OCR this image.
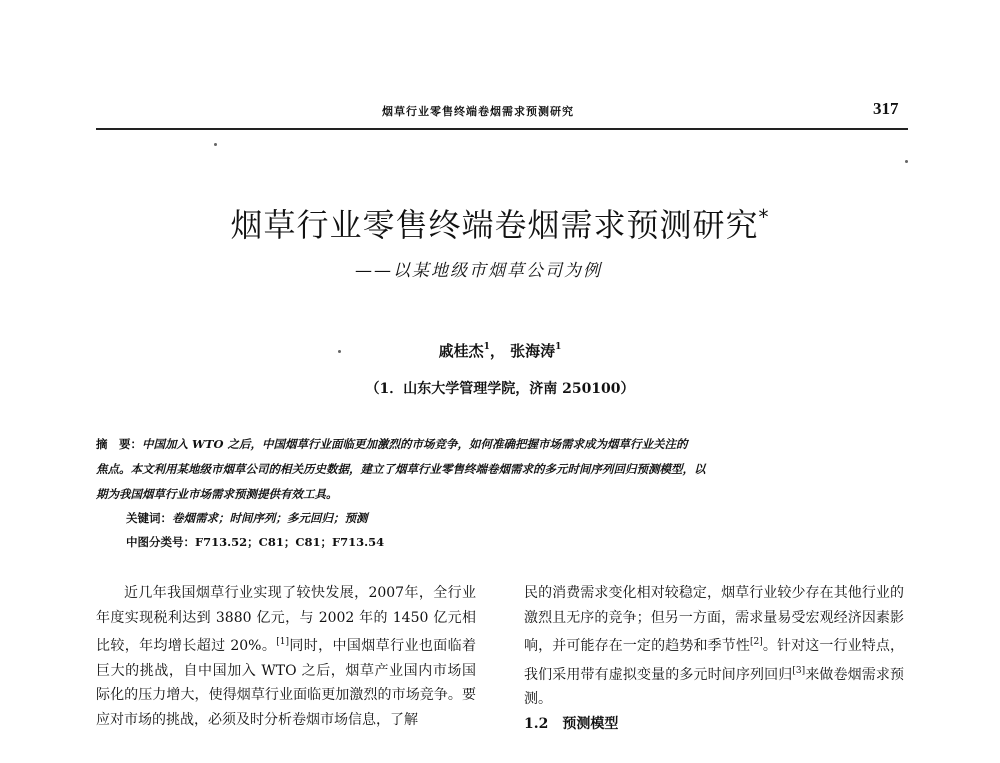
烟草行业零售终端卷烟需求预测研究	317
烟草行业零售终端卷烟需求预测研究*
——以某地级市烟草公司为例
戚桂杰$^1$， 张海涛$^1$
（1．山东大学管理学院，济南 250100）
摘　要：中国加入 WTO 之后，中国烟草行业面临更加激烈的市场竞争，如何准确把握市场需求成为烟草行业关注的
焦点。本文利用某地级市烟草公司的相关历史数据，建立了烟草行业零售终端卷烟需求的多元时间序列回归预测模型，以
期为我国烟草行业市场需求预测提供有效工具。
关键词：卷烟需求；时间序列；多元回归；预测
中图分类号：F713.52；C81；C81；F713.54

近几年我国烟草行业实现了较快发展，2007年，全行业年度实现税利达到 3880 亿元，与 2002 年的 1450 亿元相比较，年均增长超过 20%。[1]同时，中国烟草行业也面临着巨大的挑战，自中国加入 WTO 之后，烟草产业国内市场国际化的压力增大，使得烟草行业面临更加激烈的市场竞争。要应对市场的挑战，必须及时分析卷烟市场信息，了解

民的消费需求变化相对较稳定，烟草行业较少存在其他行业的激烈且无序的竞争；但另一方面，需求量易受宏观经济因素影响，并可能存在一定的趋势和季节性[2]。针对这一行业特点，我们采用带有虚拟变量的多元时间序列回归[3]来做卷烟需求预测。

1.2　预测模型
